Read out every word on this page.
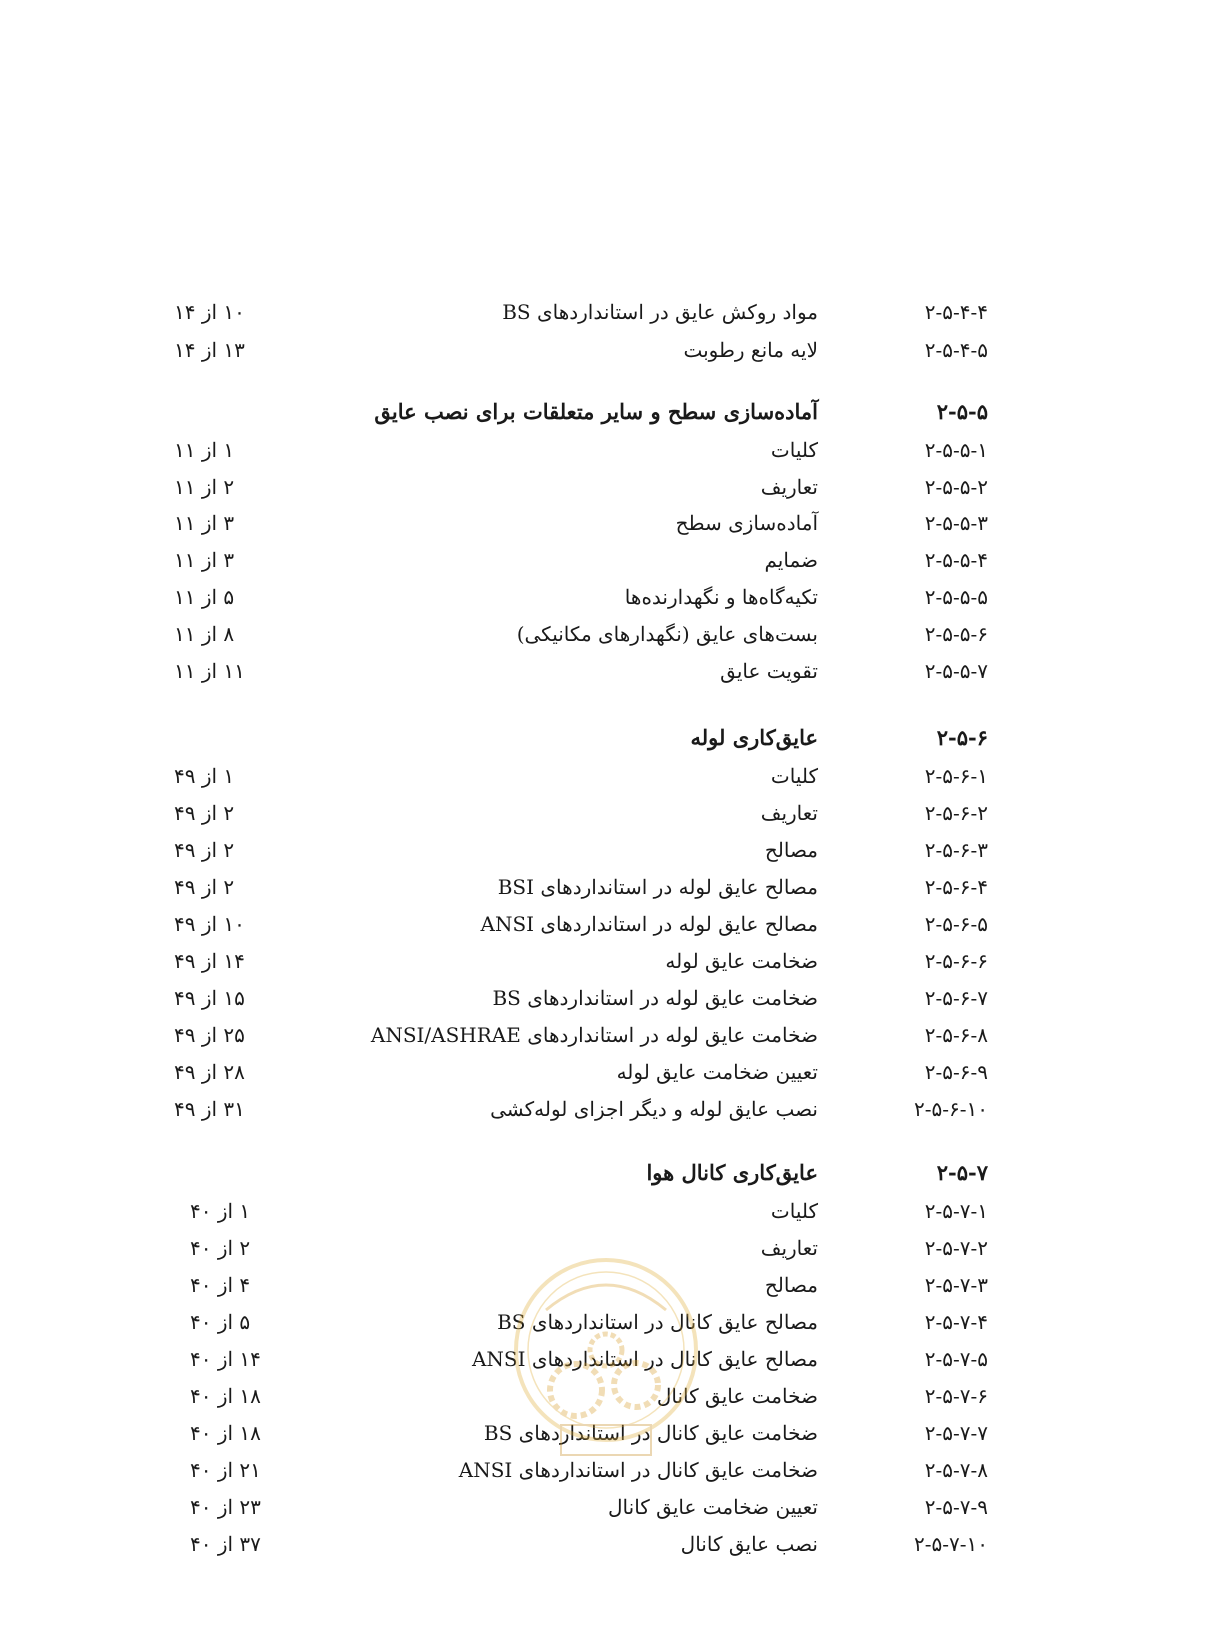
۲-۵-۴-۴
مواد روکش عایق در استانداردهای BS
۱۰ از ۱۴
۲-۵-۴-۵
لایه مانع رطوبت
۱۳ از ۱۴
۲-۵-۵
آماده‌سازی سطح و سایر متعلقات برای نصب عایق
۲-۵-۵-۱
کلیات
۱ از ۱۱
۲-۵-۵-۲
تعاریف
۲ از ۱۱
۲-۵-۵-۳
آماده‌سازی سطح
۳ از ۱۱
۲-۵-۵-۴
ضمایم
۳ از ۱۱
۲-۵-۵-۵
تکیه‌گاه‌ها و نگهدارنده‌ها
۵ از ۱۱
۲-۵-۵-۶
بست‌های عایق (نگهدارهای مکانیکی)
۸ از ۱۱
۲-۵-۵-۷
تقویت عایق
۱۱ از ۱۱
۲-۵-۶
عایق‌کاری لوله
۲-۵-۶-۱
کلیات
۱ از ۴۹
۲-۵-۶-۲
تعاریف
۲ از ۴۹
۲-۵-۶-۳
مصالح
۲ از ۴۹
۲-۵-۶-۴
مصالح عایق لوله در استانداردهای BSI
۲ از ۴۹
۲-۵-۶-۵
مصالح عایق لوله در استانداردهای ANSI
۱۰ از ۴۹
۲-۵-۶-۶
ضخامت عایق لوله
۱۴ از ۴۹
۲-۵-۶-۷
ضخامت عایق لوله در استانداردهای BS
۱۵ از ۴۹
۲-۵-۶-۸
ضخامت عایق لوله در استانداردهای ANSI/ASHRAE
۲۵ از ۴۹
۲-۵-۶-۹
تعیین ضخامت عایق لوله
۲۸ از ۴۹
۲-۵-۶-۱۰
نصب عایق لوله و دیگر اجزای لوله‌کشی
۳۱ از ۴۹
۲-۵-۷
عایق‌کاری کانال هوا
۲-۵-۷-۱
کلیات
۱ از ۴۰
۲-۵-۷-۲
تعاریف
۲ از ۴۰
۲-۵-۷-۳
مصالح
۴ از ۴۰
۲-۵-۷-۴
مصالح عایق کانال در استانداردهای BS
۵ از ۴۰
۲-۵-۷-۵
مصالح عایق کانال در استانداردهای ANSI
۱۴ از ۴۰
۲-۵-۷-۶
ضخامت عایق کانال
۱۸ از ۴۰
۲-۵-۷-۷
ضخامت عایق کانال در استانداردهای BS
۱۸ از ۴۰
۲-۵-۷-۸
ضخامت عایق کانال در استانداردهای ANSI
۲۱ از ۴۰
۲-۵-۷-۹
تعیین ضخامت عایق کانال
۲۳ از ۴۰
۲-۵-۷-۱۰
نصب عایق کانال
۳۷ از ۴۰
